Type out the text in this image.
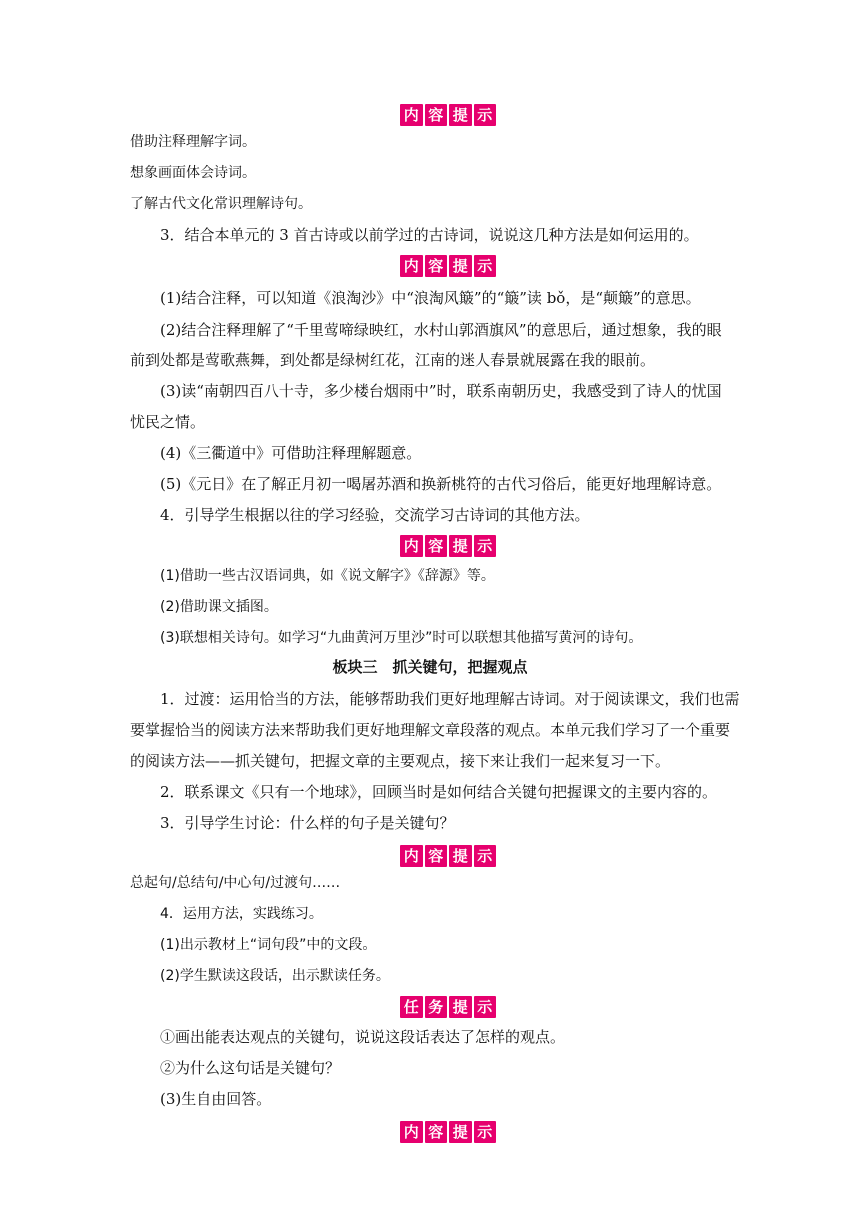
内 容 提 示
借助注释理解字词。
想象画面体会诗词。
了解古代文化常识理解诗句。
3．结合本单元的 3 首古诗或以前学过的古诗词，说说这几种方法是如何运用的。
内 容 提 示
(1)结合注释，可以知道《浪淘沙》中“浪淘风簸”的“簸”读 bǒ，是“颠簸”的意思。
(2)结合注释理解了“千里莺啼绿映红，水村山郭酒旗风”的意思后，通过想象，我的眼
前到处都是莺歌燕舞，到处都是绿树红花，江南的迷人春景就展露在我的眼前。
(3)读“南朝四百八十寺，多少楼台烟雨中”时，联系南朝历史，我感受到了诗人的忧国
忧民之情。
(4)《三衢道中》可借助注释理解题意。
(5)《元日》在了解正月初一喝屠苏酒和换新桃符的古代习俗后，能更好地理解诗意。
4．引导学生根据以往的学习经验，交流学习古诗词的其他方法。
内 容 提 示
(1)借助一些古汉语词典，如《说文解字》《辞源》等。
(2)借助课文插图。
(3)联想相关诗句。如学习“九曲黄河万里沙”时可以联想其他描写黄河的诗句。
板块三　抓关键句，把握观点
1．过渡：运用恰当的方法，能够帮助我们更好地理解古诗词。对于阅读课文，我们也需
要掌握恰当的阅读方法来帮助我们更好地理解文章段落的观点。本单元我们学习了一个重要
的阅读方法——抓关键句，把握文章的主要观点，接下来让我们一起来复习一下。
2．联系课文《只有一个地球》，回顾当时是如何结合关键句把握课文的主要内容的。
3．引导学生讨论：什么样的句子是关键句？
内 容 提 示
总起句/总结句/中心句/过渡句……
4．运用方法，实践练习。
(1)出示教材上“词句段”中的文段。
(2)学生默读这段话，出示默读任务。
任 务 提 示
①画出能表达观点的关键句，说说这段话表达了怎样的观点。
②为什么这句话是关键句？
(3)生自由回答。
内 容 提 示
